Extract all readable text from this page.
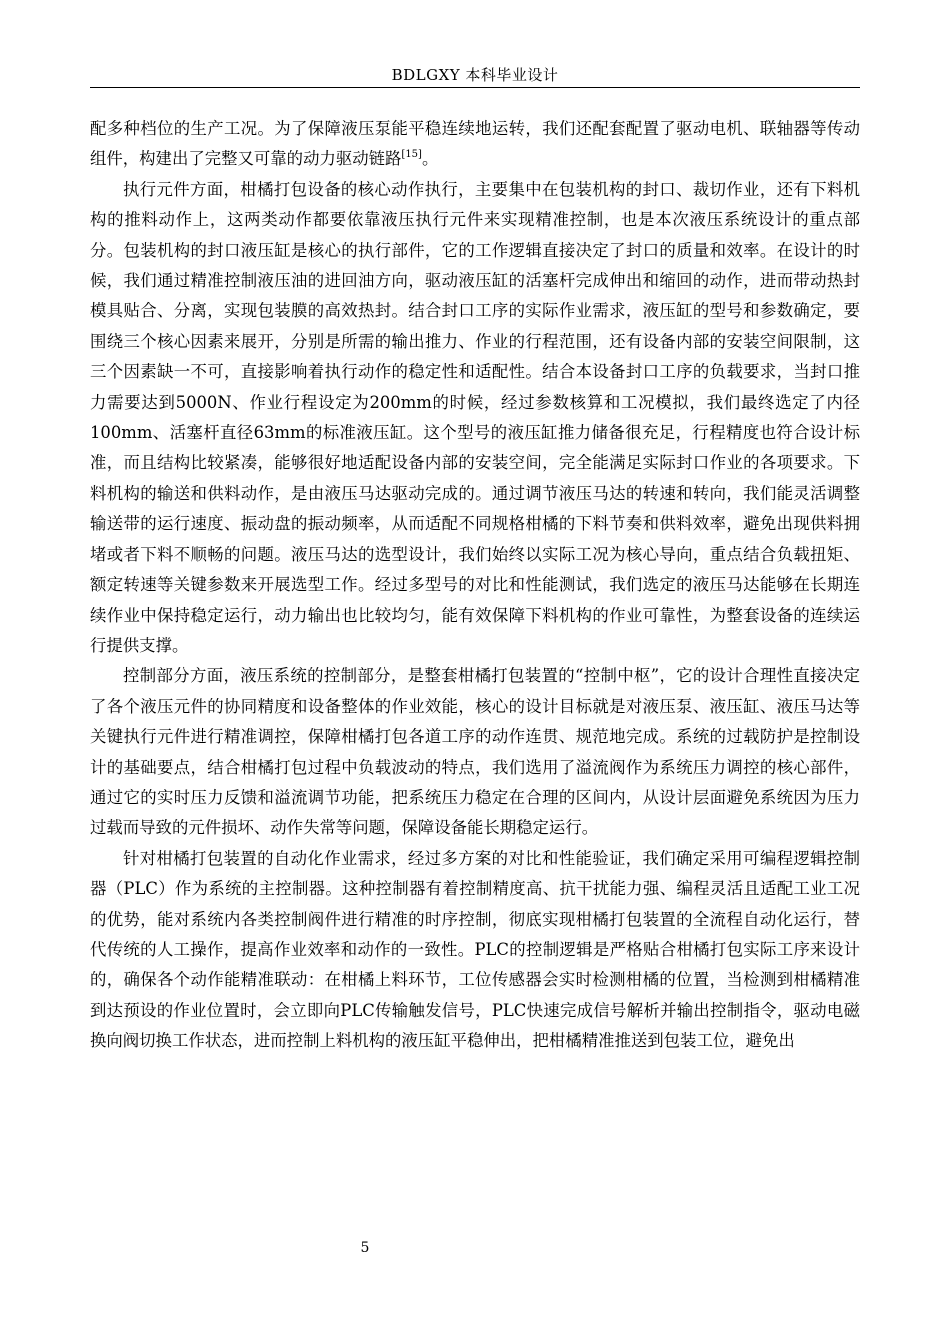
BDLGXY 本科毕业设计

配多种档位的生产工况。为了保障液压泵能平稳连续地运转，我们还配套配置了驱动电机、联轴器等传动组件，构建出了完整又可靠的动力驱动链路[15]。

执行元件方面，柑橘打包设备的核心动作执行，主要集中在包装机构的封口、裁切作业，还有下料机构的推料动作上，这两类动作都要依靠液压执行元件来实现精准控制，也是本次液压系统设计的重点部分。包装机构的封口液压缸是核心的执行部件，它的工作逻辑直接决定了封口的质量和效率。在设计的时候，我们通过精准控制液压油的进回油方向，驱动液压缸的活塞杆完成伸出和缩回的动作，进而带动热封模具贴合、分离，实现包装膜的高效热封。结合封口工序的实际作业需求，液压缸的型号和参数确定，要围绕三个核心因素来展开，分别是所需的输出推力、作业的行程范围，还有设备内部的安装空间限制，这三个因素缺一不可，直接影响着执行动作的稳定性和适配性。结合本设备封口工序的负载要求，当封口推力需要达到5000N、作业行程设定为200mm的时候，经过参数核算和工况模拟，我们最终选定了内径100mm、活塞杆直径63mm的标准液压缸。这个型号的液压缸推力储备很充足，行程精度也符合设计标准，而且结构比较紧凑，能够很好地适配设备内部的安装空间，完全能满足实际封口作业的各项要求。下料机构的输送和供料动作，是由液压马达驱动完成的。通过调节液压马达的转速和转向，我们能灵活调整输送带的运行速度、振动盘的振动频率，从而适配不同规格柑橘的下料节奏和供料效率，避免出现供料拥堵或者下料不顺畅的问题。液压马达的选型设计，我们始终以实际工况为核心导向，重点结合负载扭矩、额定转速等关键参数来开展选型工作。经过多型号的对比和性能测试，我们选定的液压马达能够在长期连续作业中保持稳定运行，动力输出也比较均匀，能有效保障下料机构的作业可靠性，为整套设备的连续运行提供支撑。

控制部分方面，液压系统的控制部分，是整套柑橘打包装置的“控制中枢”，它的设计合理性直接决定了各个液压元件的协同精度和设备整体的作业效能，核心的设计目标就是对液压泵、液压缸、液压马达等关键执行元件进行精准调控，保障柑橘打包各道工序的动作连贯、规范地完成。系统的过载防护是控制设计的基础要点，结合柑橘打包过程中负载波动的特点，我们选用了溢流阀作为系统压力调控的核心部件，通过它的实时压力反馈和溢流调节功能，把系统压力稳定在合理的区间内，从设计层面避免系统因为压力过载而导致的元件损坏、动作失常等问题，保障设备能长期稳定运行。

针对柑橘打包装置的自动化作业需求，经过多方案的对比和性能验证，我们确定采用可编程逻辑控制器（PLC）作为系统的主控制器。这种控制器有着控制精度高、抗干扰能力强、编程灵活且适配工业工况的优势，能对系统内各类控制阀件进行精准的时序控制，彻底实现柑橘打包装置的全流程自动化运行，替代传统的人工操作，提高作业效率和动作的一致性。PLC的控制逻辑是严格贴合柑橘打包实际工序来设计的，确保各个动作能精准联动：在柑橘上料环节，工位传感器会实时检测柑橘的位置，当检测到柑橘精准到达预设的作业位置时，会立即向PLC传输触发信号，PLC快速完成信号解析并输出控制指令，驱动电磁换向阀切换工作状态，进而控制上料机构的液压缸平稳伸出，把柑橘精准推送到包装工位，避免出

5
